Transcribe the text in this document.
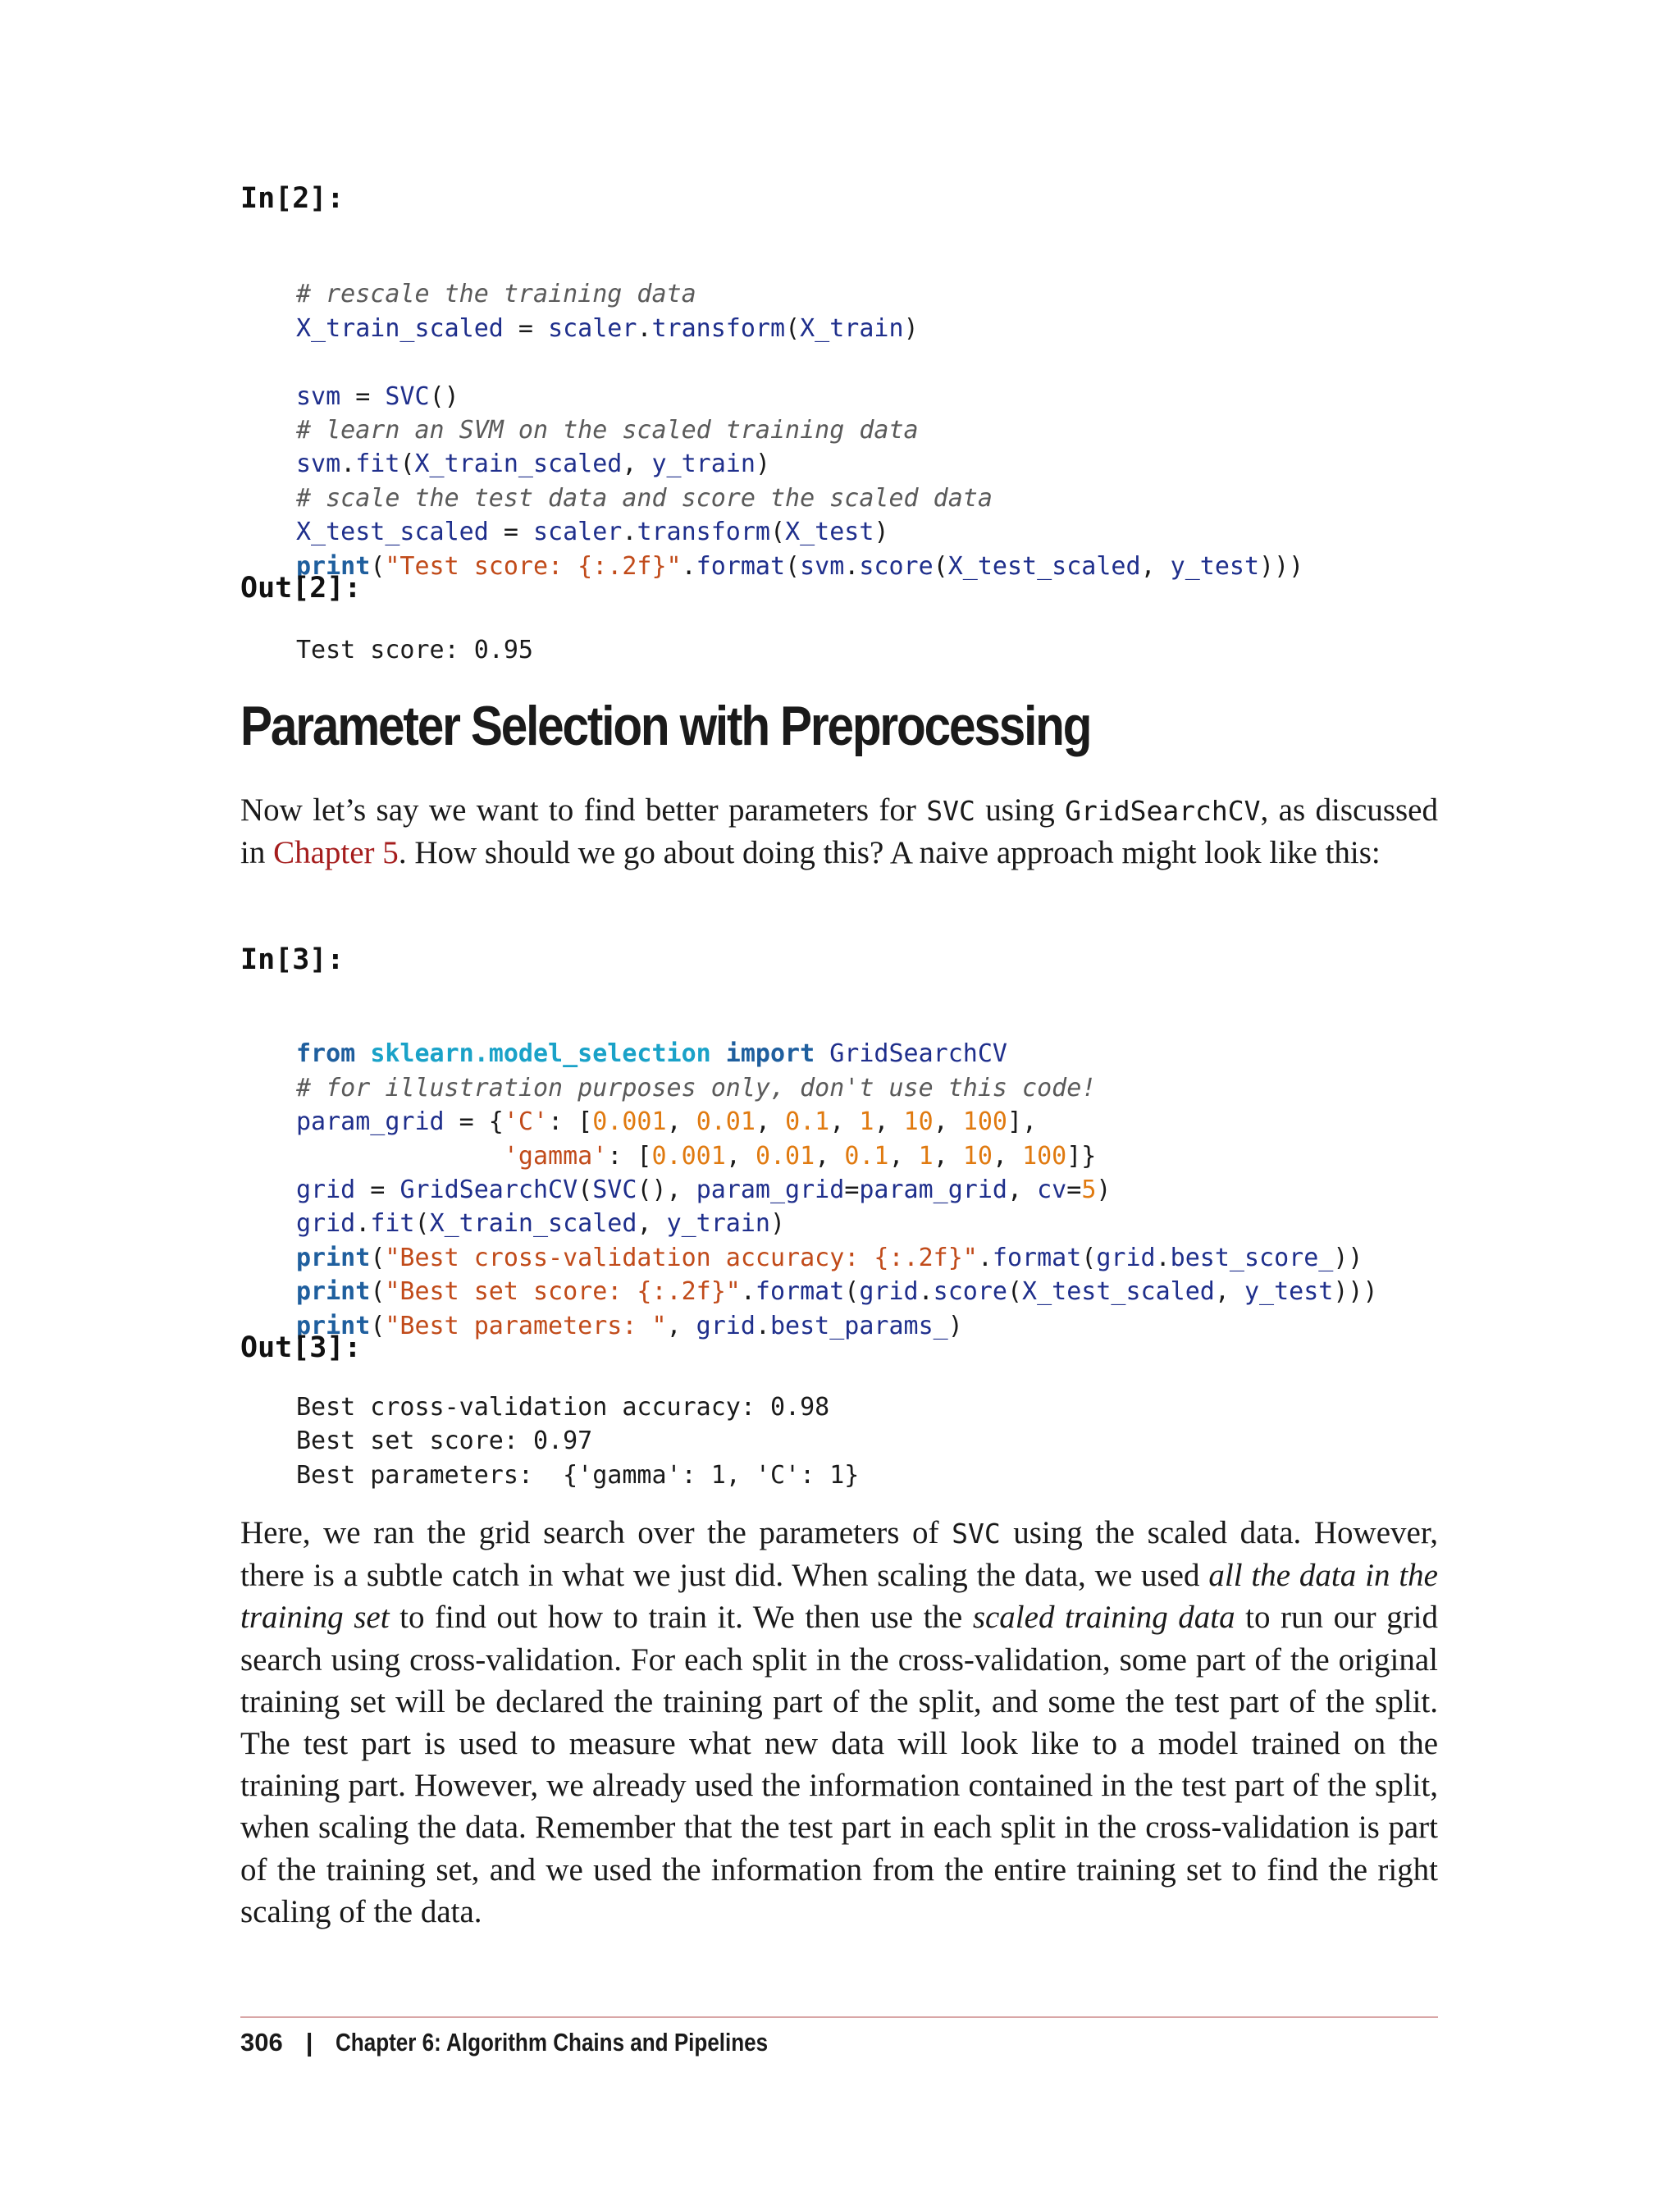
In[2]:

# rescale the training data
X_train_scaled = scaler.transform(X_train)

svm = SVC()
# learn an SVM on the scaled training data
svm.fit(X_train_scaled, y_train)
# scale the test data and score the scaled data
X_test_scaled = scaler.transform(X_test)
print("Test score: {:.2f}".format(svm.score(X_test_scaled, y_test)))
Out[2]:
Test score: 0.95
Parameter Selection with Preprocessing

Now let’s say we want to find better parameters for SVC using GridSearchCV, as discussed in Chapter 5. How should we go about doing this? A naive approach might look like this:

In[3]:

from sklearn.model_selection import GridSearchCV
# for illustration purposes only, don't use this code!
param_grid = {'C': [0.001, 0.01, 0.1, 1, 10, 100],
'gamma': [0.001, 0.01, 0.1, 1, 10, 100]}
grid = GridSearchCV(SVC(), param_grid=param_grid, cv=5)
grid.fit(X_train_scaled, y_train)
print("Best cross-validation accuracy: {:.2f}".format(grid.best_score_))
print("Best set score: {:.2f}".format(grid.score(X_test_scaled, y_test)))
print("Best parameters: ", grid.best_params_)
Out[3]:
Best cross-validation accuracy: 0.98
Best set score: 0.97
Best parameters:  {'gamma': 1, 'C': 1}

Here, we ran the grid search over the parameters of SVC using the scaled data. However, there is a subtle catch in what we just did. When scaling the data, we used all the data in the training set to find out how to train it. We then use the scaled training data to run our grid search using cross-validation. For each split in the cross-validation, some part of the original training set will be declared the training part of the split, and some the test part of the split. The test part is used to measure what new data will look like to a model trained on the training part. However, we already used the information contained in the test part of the split, when scaling the data. Remember that the test part in each split in the cross-validation is part of the training set, and we used the information from the entire training set to find the right scaling of the data.

306 | Chapter 6: Algorithm Chains and Pipelines
